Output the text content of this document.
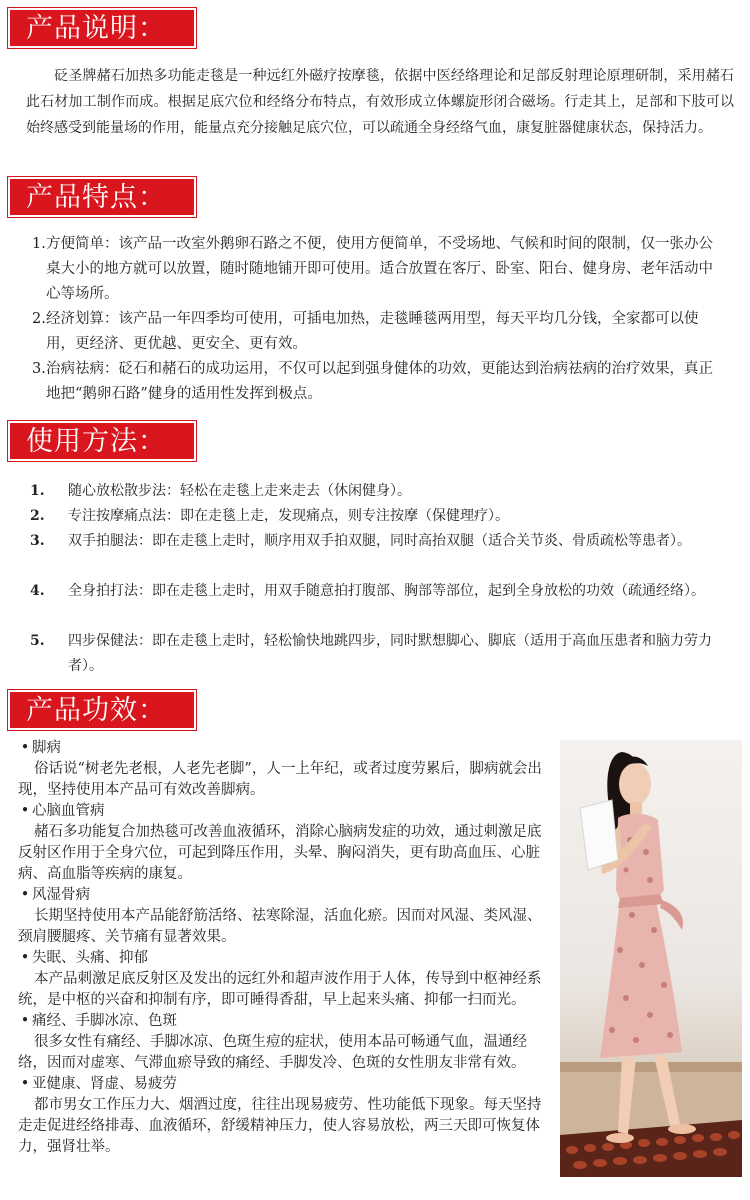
产品说明：
砭圣牌赭石加热多功能走毯是一种远红外磁疗按摩毯，依据中医经络理论和足部反射理论原理研制，采用赭石此石材加工制作而成。根据足底穴位和经络分布特点，有效形成立体螺旋形闭合磁场。行走其上，足部和下肢可以始终感受到能量场的作用，能量点充分接触足底穴位，可以疏通全身经络气血，康复脏器健康状态，保持活力。
产品特点：
1. 方便简单：该产品一改室外鹅卵石路之不便，使用方便简单，不受场地、气候和时间的限制，仅一张办公桌大小的地方就可以放置，随时随地铺开即可使用。适合放置在客厅、卧室、阳台、健身房、老年活动中心等场所。
2. 经济划算：该产品一年四季均可使用，可插电加热，走毯睡毯两用型，每天平均几分钱，全家都可以使用，更经济、更优越、更安全、更有效。
3. 治病祛病：砭石和赭石的成功运用，不仅可以起到强身健体的功效，更能达到治病祛病的治疗效果，真正地把“鹅卵石路”健身的适用性发挥到极点。
使用方法：
1. 随心放松散步法：轻松在走毯上走来走去（休闲健身）。
2. 专注按摩痛点法：即在走毯上走，发现痛点，则专注按摩（保健理疗）。
3. 双手拍腿法：即在走毯上走时，顺序用双手拍双腿，同时高抬双腿（适合关节炎、骨质疏松等患者）。
4. 全身拍打法：即在走毯上走时，用双手随意拍打腹部、胸部等部位，起到全身放松的功效（疏通经络）。
5. 四步保健法：即在走毯上走时，轻松愉快地跳四步，同时默想脚心、脚底（适用于高血压患者和脑力劳力者）。
产品功效：
• 脚病
俗话说“树老先老根，人老先老脚”，人一上年纪，或者过度劳累后，脚病就会出现，坚持使用本产品可有效改善脚病。
• 心脑血管病
赭石多功能复合加热毯可改善血液循环，消除心脑病发症的功效，通过刺激足底反射区作用于全身穴位，可起到降压作用，头晕、胸闷消失，更有助高血压、心脏病、高血脂等疾病的康复。
• 风湿骨病
长期坚持使用本产品能舒筋活络、祛寒除湿，活血化瘀。因而对风湿、类风湿、颈肩腰腿疼、关节痛有显著效果。
• 失眠、头痛、抑郁
本产品刺激足底反射区及发出的远红外和超声波作用于人体，传导到中枢神经系统，是中枢的兴奋和抑制有序，即可睡得香甜，早上起来头痛、抑郁一扫而光。
• 痛经、手脚冰凉、色斑
很多女性有痛经、手脚冰凉、色斑生痘的症状，使用本品可畅通气血，温通经络，因而对虚寒、气滞血瘀导致的痛经、手脚发冷、色斑的女性朋友非常有效。
• 亚健康、肾虚、易疲劳
都市男女工作压力大、烟酒过度，往往出现易疲劳、性功能低下现象。每天坚持走走促进经络排毒、血液循环，舒缓精神压力，使人容易放松，两三天即可恢复体力，强肾壮举。
